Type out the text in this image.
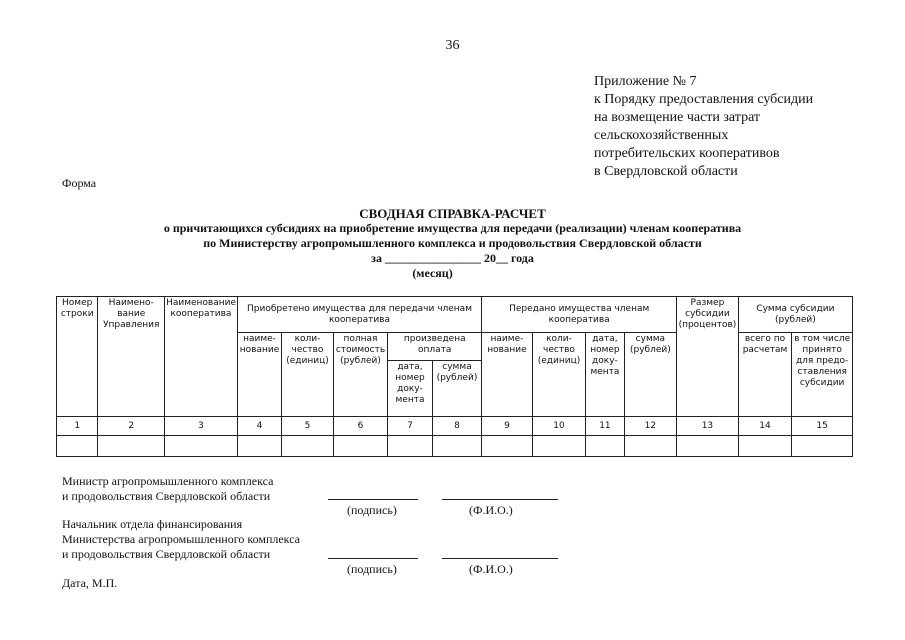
36
Приложение № 7
к Порядку предоставления субсидии
на возмещение части затрат
сельскохозяйственных
потребительских кооперативов
в Свердловской области
Форма
СВОДНАЯ СПРАВКА-РАСЧЕТ
о причитающихся субсидиях на приобретение имущества для передачи (реализации) членам кооператива
по Министерству агропромышленного комплекса и продовольствия Свердловской области
за ________________ 20__ года
(месяц)
Номер строки	Наимено-вание Управления	Наименование кооператива	Приобретено имущества для передачи членам кооператива					Передано имущества членам кооператива				Размер субсидии (процентов)	Сумма субсидии (рублей)	
			наиме-нование	коли-чество (единиц)	полная стоимость (рублей)	произведена оплата		наиме-нование	коли-чество (единиц)	дата, номер доку-мента	сумма (рублей)		всего по расчетам	в том числе принято для предо-ставления субсидии
						дата, номер доку-мента	сумма (рублей)							
1	2	3	4	5	6	7	8	9	10	11	12	13	14	15

Министр агропромышленного комплекса
и продовольствия Свердловской области
(подпись)	(Ф.И.О.)
Начальник отдела финансирования
Министерства агропромышленного комплекса
и продовольствия Свердловской области
(подпись)	(Ф.И.О.)
Дата, М.П.
